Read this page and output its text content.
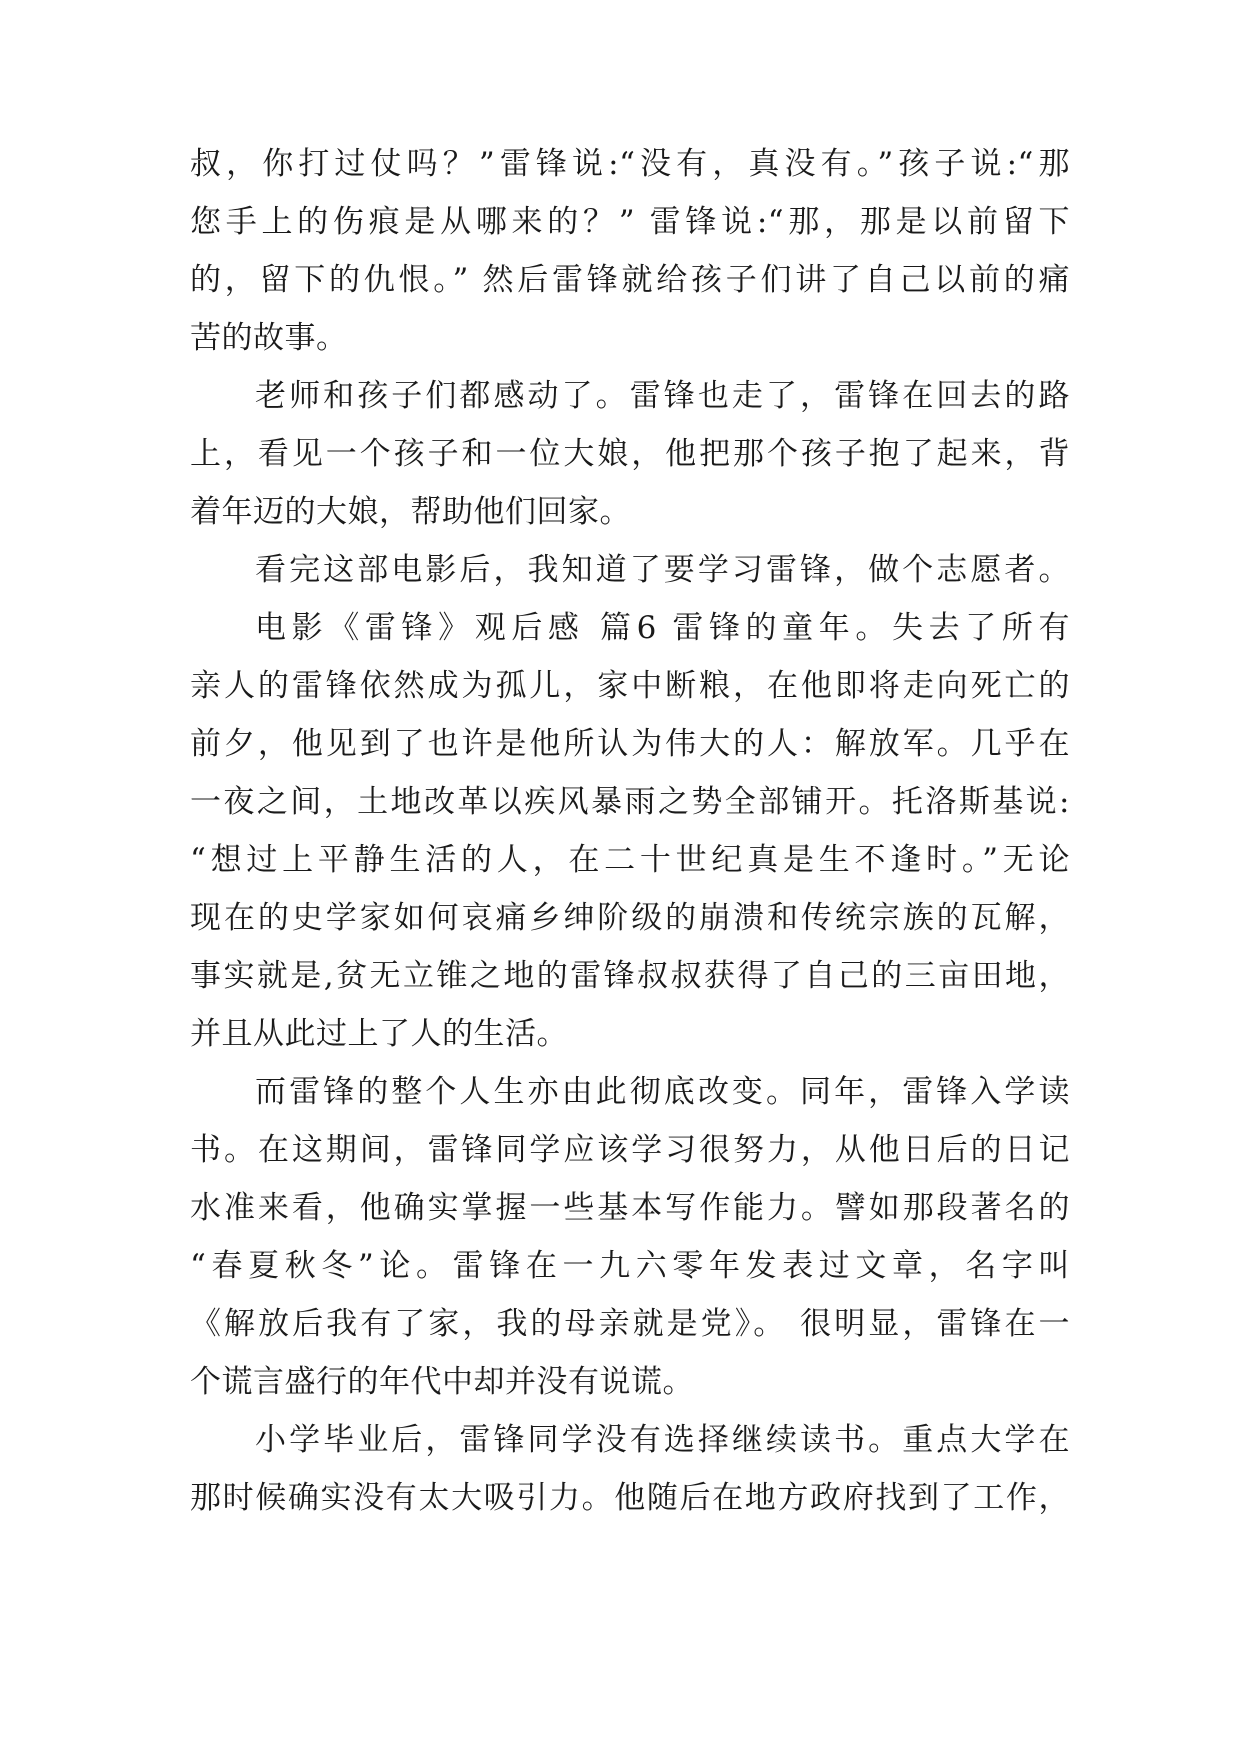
叔，你打过仗吗？”雷锋说:“没有，真没有。”孩子说:“那
您手上的伤痕是从哪来的？” 雷锋说:“那，那是以前留下
的，留下的仇恨。” 然后雷锋就给孩子们讲了自己以前的痛
苦的故事。
老师和孩子们都感动了。雷锋也走了，雷锋在回去的路
上，看见一个孩子和一位大娘，他把那个孩子抱了起来，背
着年迈的大娘，帮助他们回家。
看完这部电影后，我知道了要学习雷锋，做个志愿者。
电影《雷锋》观后感 篇6 雷锋的童年。失去了所有
亲人的雷锋依然成为孤儿，家中断粮，在他即将走向死亡的
前夕，他见到了也许是他所认为伟大的人：解放军。几乎在
一夜之间，土地改革以疾风暴雨之势全部铺开。托洛斯基说:
“想过上平静生活的人，在二十世纪真是生不逢时。”无论
现在的史学家如何哀痛乡绅阶级的崩溃和传统宗族的瓦解，
事实就是,贫无立锥之地的雷锋叔叔获得了自己的三亩田地，
并且从此过上了人的生活。
而雷锋的整个人生亦由此彻底改变。同年，雷锋入学读
书。在这期间，雷锋同学应该学习很努力，从他日后的日记
水准来看，他确实掌握一些基本写作能力。譬如那段著名的
“春夏秋冬”论。雷锋在一九六零年发表过文章，名字叫
《解放后我有了家，我的母亲就是党》。 很明显，雷锋在一
个谎言盛行的年代中却并没有说谎。
小学毕业后，雷锋同学没有选择继续读书。重点大学在
那时候确实没有太大吸引力。他随后在地方政府找到了工作，
